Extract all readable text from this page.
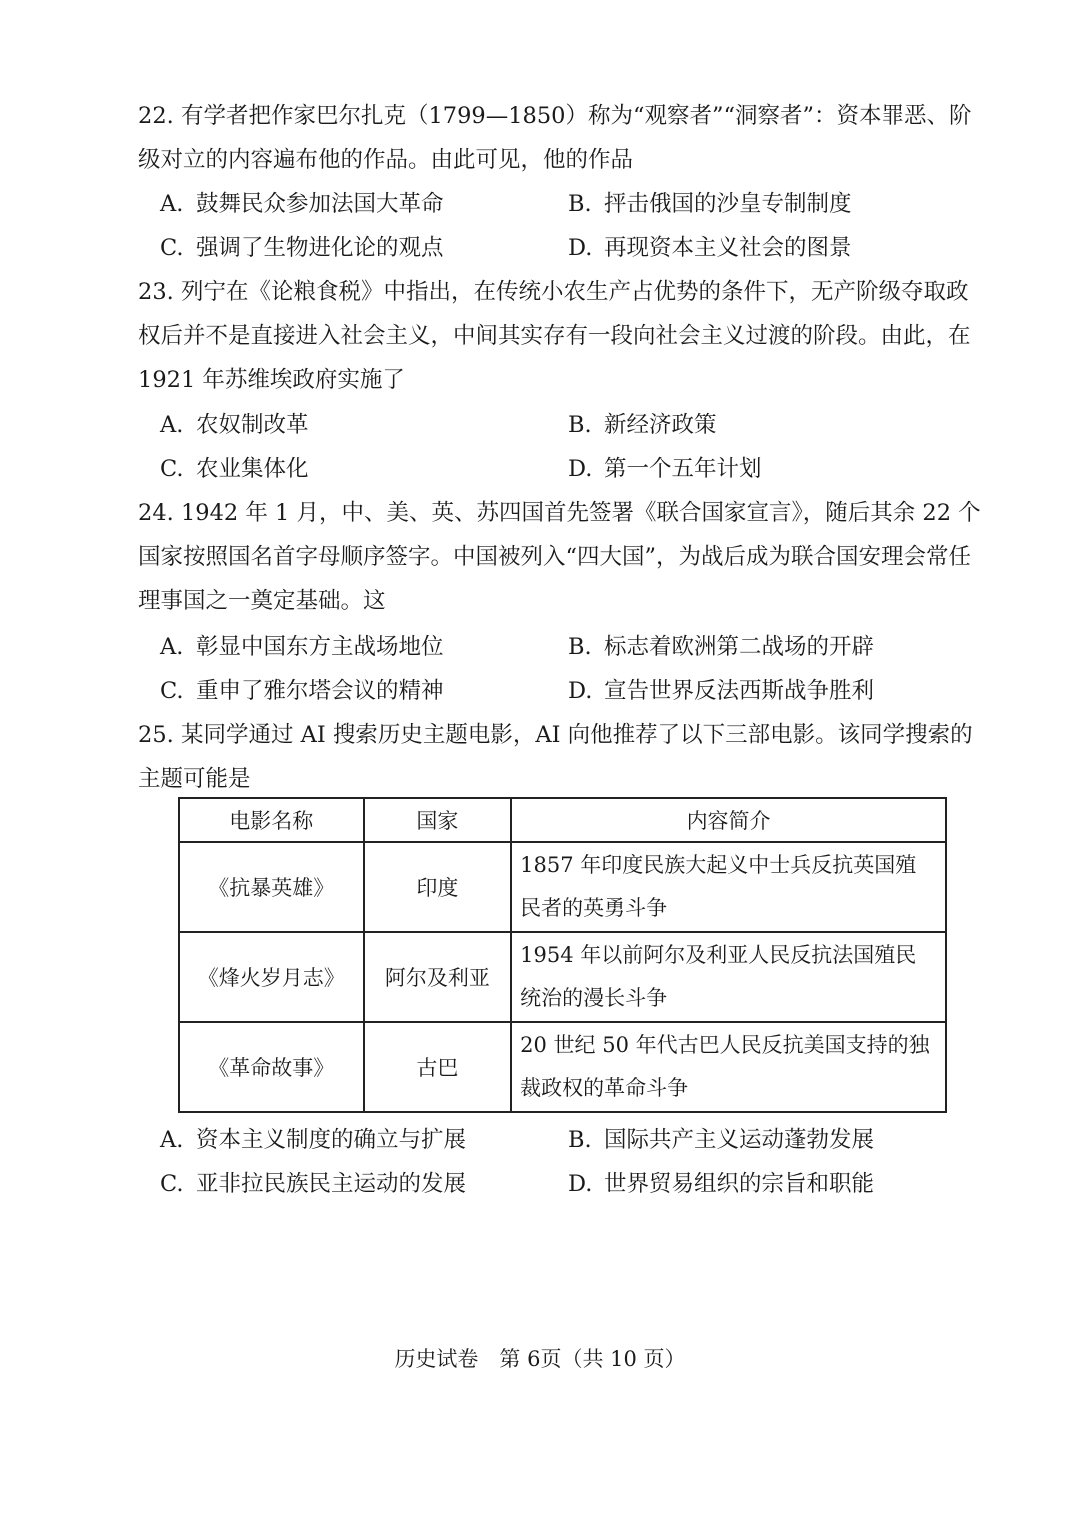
22. 有学者把作家巴尔扎克（1799—1850）称为“观察者”“洞察者”：资本罪恶、阶级对立的内容遍布他的作品。由此可见，他的作品
A. 鼓舞民众参加法国大革命	B. 抨击俄国的沙皇专制制度
C. 强调了生物进化论的观点	D. 再现资本主义社会的图景
23. 列宁在《论粮食税》中指出，在传统小农生产占优势的条件下，无产阶级夺取政权后并不是直接进入社会主义，中间其实存有一段向社会主义过渡的阶段。由此，在 1921 年苏维埃政府实施了
A. 农奴制改革	B. 新经济政策
C. 农业集体化	D. 第一个五年计划
24. 1942 年 1 月，中、美、英、苏四国首先签署《联合国家宣言》，随后其余 22 个国家按照国名首字母顺序签字。中国被列入“四大国”，为战后成为联合国安理会常任理事国之一奠定基础。这
A. 彰显中国东方主战场地位	B. 标志着欧洲第二战场的开辟
C. 重申了雅尔塔会议的精神	D. 宣告世界反法西斯战争胜利
25. 某同学通过 AI 搜索历史主题电影，AI 向他推荐了以下三部电影。该同学搜索的主题可能是
电影名称	国家	内容简介
《抗暴英雄》	印度	1857 年印度民族大起义中士兵反抗英国殖民者的英勇斗争
《烽火岁月志》	阿尔及利亚	1954 年以前阿尔及利亚人民反抗法国殖民统治的漫长斗争
《革命故事》	古巴	20 世纪 50 年代古巴人民反抗美国支持的独裁政权的革命斗争
A. 资本主义制度的确立与扩展	B. 国际共产主义运动蓬勃发展
C. 亚非拉民族民主运动的发展	D. 世界贸易组织的宗旨和职能
历史试卷　第 6页（共 10 页）
